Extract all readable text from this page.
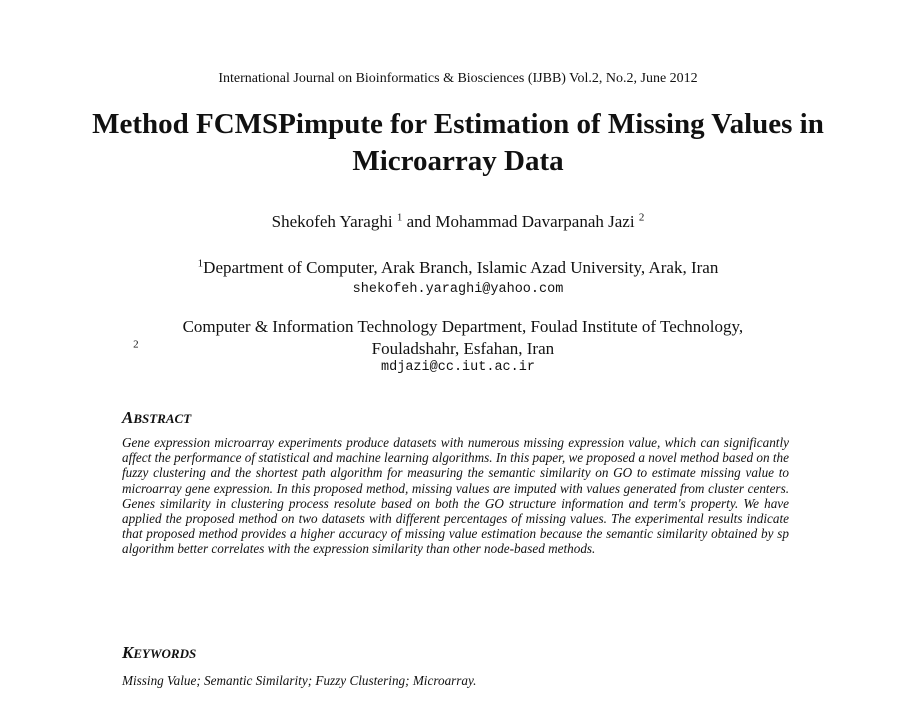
International Journal on Bioinformatics & Biosciences (IJBB) Vol.2, No.2, June 2012
Method FCMSPimpute for Estimation of Missing Values in Microarray Data
Shekofeh Yaraghi $^1$ and Mohammad Davarpanah Jazi $^2$
$^1$Department of Computer, Arak Branch, Islamic Azad University, Arak, Iran
shekofeh.yaraghi@yahoo.com
$^2$ Computer & Information Technology Department, Foulad Institute of Technology, Fouladshahr, Esfahan, Iran
mdjazi@cc.iut.ac.ir
ABSTRACT

Gene expression microarray experiments produce datasets with numerous missing expression value, which can significantly affect the performance of statistical and machine learning algorithms. In this paper, we proposed a novel method based on the fuzzy clustering and the shortest path algorithm for measuring the semantic similarity on GO to estimate missing value to microarray gene expression. In this proposed method, missing values are imputed with values generated from cluster centers. Genes similarity in clustering process resolute based on both the GO structure information and term's property. We have applied the proposed method on two datasets with different percentages of missing values. The experimental results indicate that proposed method provides a higher accuracy of missing value estimation because the semantic similarity obtained by sp algorithm better correlates with the expression similarity than other node-based methods.

KEYWORDS

Missing Value; Semantic Similarity; Fuzzy Clustering; Microarray.
